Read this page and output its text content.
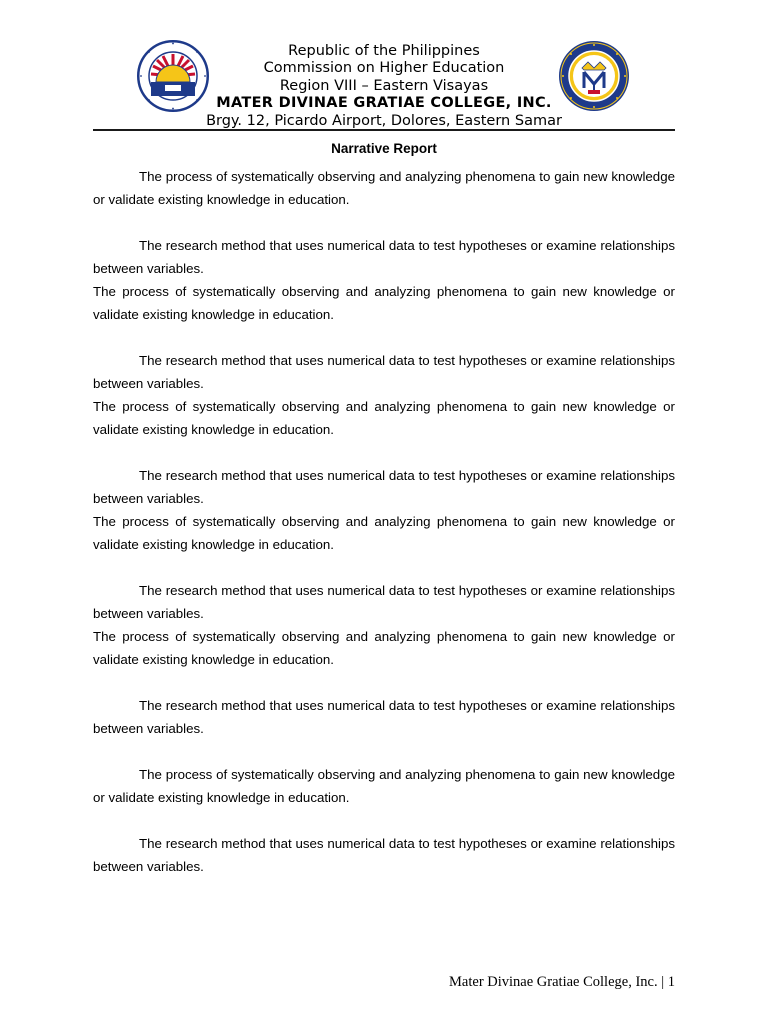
Republic of the Philippines
Commission on Higher Education
Region VIII – Eastern Visayas
MATER DIVINAE GRATIAE COLLEGE, INC.
Brgy. 12, Picardo Airport, Dolores, Eastern Samar
Narrative Report

The process of systematically observing and analyzing phenomena to gain new knowledge or validate existing knowledge in education.

The research method that uses numerical data to test hypotheses or examine relationships between variables.

The process of systematically observing and analyzing phenomena to gain new knowledge or validate existing knowledge in education.

The research method that uses numerical data to test hypotheses or examine relationships between variables.

The process of systematically observing and analyzing phenomena to gain new knowledge or validate existing knowledge in education.

The research method that uses numerical data to test hypotheses or examine relationships between variables.

The process of systematically observing and analyzing phenomena to gain new knowledge or validate existing knowledge in education.

The research method that uses numerical data to test hypotheses or examine relationships between variables.

The process of systematically observing and analyzing phenomena to gain new knowledge or validate existing knowledge in education.

The research method that uses numerical data to test hypotheses or examine relationships between variables.

The process of systematically observing and analyzing phenomena to gain new knowledge or validate existing knowledge in education.

The research method that uses numerical data to test hypotheses or examine relationships between variables.

Mater Divinae Gratiae College, Inc. | 1
